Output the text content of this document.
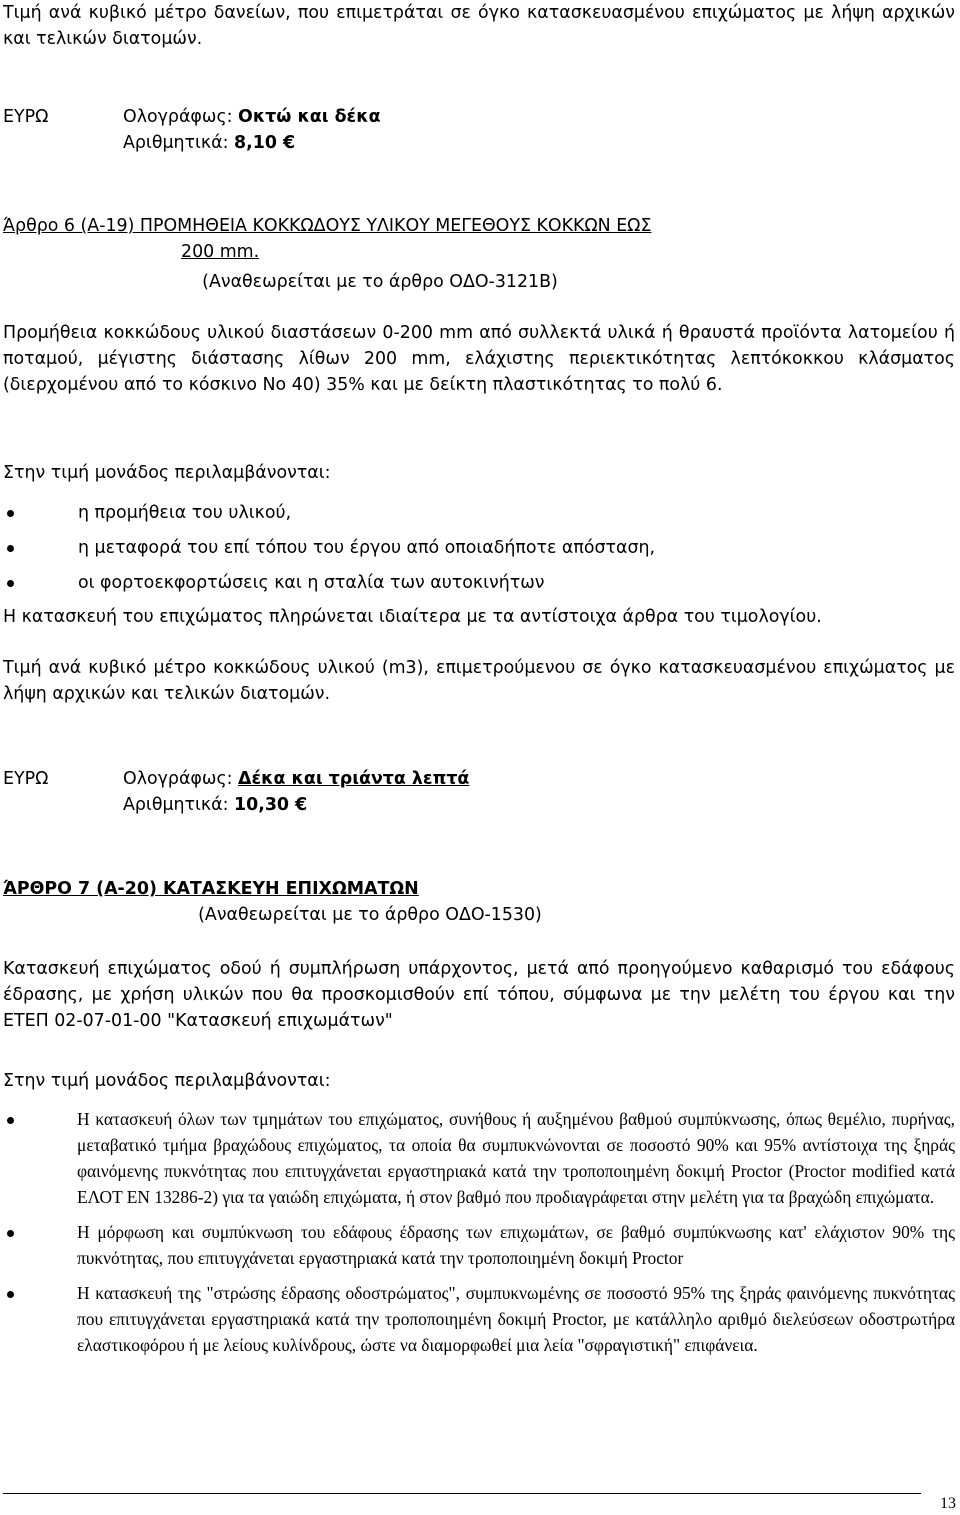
Τιμή ανά κυβικό μέτρο δανείων, που επιμετράται σε όγκο κατασκευασμένου επιχώματος με λήψη αρχικών και τελικών διατομών.

ΕΥΡΩ	Ολογράφως: Οκτώ και δέκα
Αριθμητικά: 8,10 €
Άρθρο 6 (Α-19) ΠΡΟΜΗΘΕΙΑ ΚΟΚΚΩΔΟΥΣ ΥΛΙΚΟΥ ΜΕΓΕΘΟΥΣ ΚΟΚΚΩΝ ΕΩΣ
200 mm.
(Αναθεωρείται με το άρθρο ΟΔΟ-3121Β)

Προμήθεια κοκκώδους υλικού διαστάσεων 0-200 mm από συλλεκτά υλικά ή θραυστά προϊόντα λατομείου ή ποταμού, μέγιστης διάστασης λίθων 200 mm, ελάχιστης περιεκτικότητας λεπτόκοκκου κλάσματος (διερχομένου από το κόσκινο Νο 40) 35% και με δείκτη πλαστικότητας το πολύ 6.

Στην τιμή μονάδος περιλαμβάνονται:

η προμήθεια του υλικού,
η μεταφορά του επί τόπου του έργου από οποιαδήποτε απόσταση,
οι φορτοεκφορτώσεις και η σταλία των αυτοκινήτων

Η κατασκευή του επιχώματος πληρώνεται ιδιαίτερα με τα αντίστοιχα άρθρα του τιμολογίου.

Τιμή ανά κυβικό μέτρο κοκκώδους υλικού (m3), επιμετρούμενου σε όγκο κατασκευασμένου επιχώματος με λήψη αρχικών και τελικών διατομών.

ΕΥΡΩ	Ολογράφως: Δέκα και τριάντα λεπτά
Αριθμητικά: 10,30 €
ΆΡΘΡΟ 7 (Α-20) ΚΑΤΑΣΚΕΥΗ ΕΠΙΧΩΜΑΤΩΝ
(Αναθεωρείται με το άρθρο ΟΔΟ-1530)

Κατασκευή επιχώματος οδού ή συμπλήρωση υπάρχοντος, μετά από προηγούμενο καθαρισμό του εδάφους έδρασης, με χρήση υλικών που θα προσκομισθούν επί τόπου, σύμφωνα με την μελέτη του έργου και την ΕΤΕΠ 02-07-01-00 "Κατασκευή επιχωμάτων"

Στην τιμή μονάδος περιλαμβάνονται:

Η κατασκευή όλων των τμημάτων του επιχώματος, συνήθους ή αυξημένου βαθμού συμπύκνωσης, όπως θεμέλιο, πυρήνας, μεταβατικό τμήμα βραχώδους επιχώματος, τα οποία θα συμπυκνώνονται σε ποσοστό 90% και 95% αντίστοιχα της ξηράς φαινόμενης πυκνότητας που επιτυγχάνεται εργαστηριακά κατά την τροποποιημένη δοκιμή Proctor (Proctor modified κατά ΕΛΟΤ ΕΝ 13286-2) για τα γαιώδη επιχώματα, ή στον βαθμό που προδιαγράφεται στην μελέτη για τα βραχώδη επιχώματα.
Η μόρφωση και συμπύκνωση του εδάφους έδρασης των επιχωμάτων, σε βαθμό συμπύκνωσης κατ' ελάχιστον 90% της πυκνότητας, που επιτυγχάνεται εργαστηριακά κατά την τροποποιημένη δοκιμή Proctor
Η κατασκευή της "στρώσης έδρασης οδοστρώματος", συμπυκνωμένης σε ποσοστό 95% της ξηράς φαινόμενης πυκνότητας που επιτυγχάνεται εργαστηριακά κατά την τροποποιημένη δοκιμή Proctor, με κατάλληλο αριθμό διελεύσεων οδοστρωτήρα ελαστικοφόρου ή με λείους κυλίνδρους, ώστε να διαμορφωθεί μια λεία "σφραγιστική" επιφάνεια.
13
